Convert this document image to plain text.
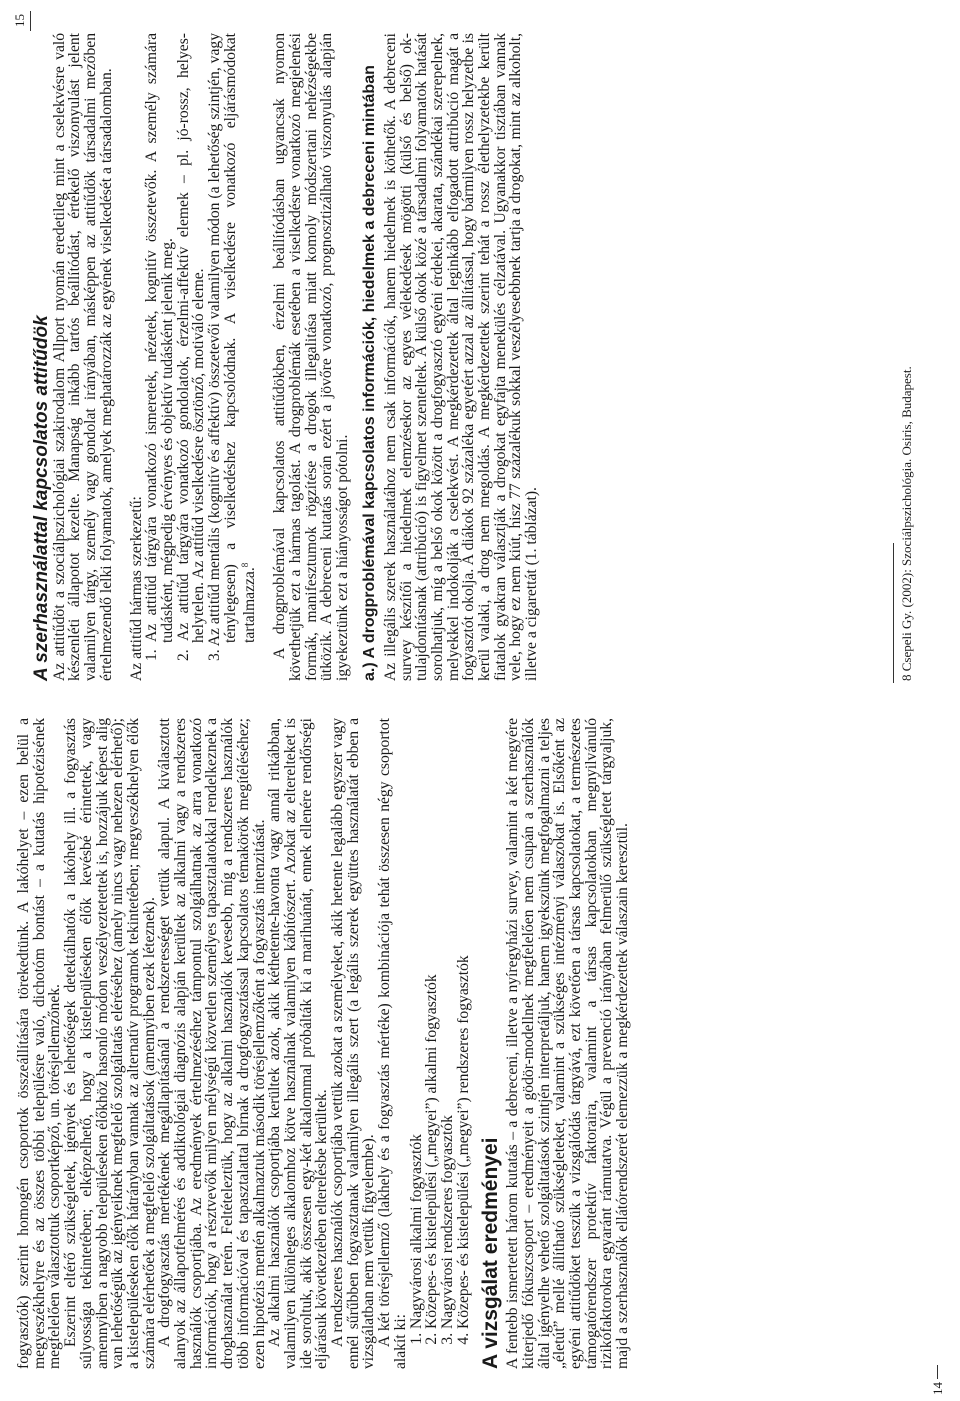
14

fogyasztók) szerint homogén csoportok összeállítására törekedtünk. A lakóhelyet – ezen belül a megyeszékhelyre és az összes többi településre való, dichotóm bontást – a kutatás hipotézisének megfelelően választottuk csoportképző, un. törésjellemzőnek.

Eszerint eltérő szükségletek, igények és lehetőségek detektálhatók a lakóhely ill. a fogyasztás súlyossága tekintetében; elképzelhető, hogy a kistelepüléseken élők kevésbé érintettek, vagy amennyiben a nagyobb településeken élőkhöz hasonló módon veszélyeztetettek is, hozzájuk képest alig van lehetőségük az igényeiknek megfelelő szolgáltatás eléréséhez (amely nincs vagy nehezen elérhető); a kistelepüléseken élők hátrányban vannak az alternatív programok tekintetében; megyeszékhelyen élők számára elérhetőek a megfelelő szolgáltatások (amennyiben ezek léteznek).

A drogfogyasztás mértékének megállapításánál a rendszerességet vettük alapul. A kiválasztott alanyok az állapotfelmérés és addiktológiai diagnózis alapján kerültek az alkalmi vagy a rendszeres használók csoportjába. Az eredmények értelmezéséhez támpontul szolgálhatnak az arra vonatkozó információk, hogy a résztvevők milyen mélységű közvetlen személyes tapasztalatokkal rendelkeznek a droghasználat terén. Feltételeztük, hogy az alkalmi használók kevesebb, míg a rendszeres használók több információval és tapasztalattal bírnak a drogfogyasztással kapcsolatos témakörök megítéléséhez; ezen hipotézis mentén alkalmaztuk második törésjellemzőként a fogyasztás intenzitását.

Az alkalmi használók csoportjába kerültek azok, akik kéthetente-havonta vagy annál ritkábban, valamilyen különleges alkalomhoz kötve használnak valamilyen kábítószert. Azokat az elterelteket is ide soroltuk, akik összesen egy-két alkalommal próbálták ki a marihuánát, ennek ellenére rendőrségi eljárásuk következtében elterelésbe kerültek.

A rendszeres használók csoportjába vettük azokat a személyeket, akik hetente legalább egyszer vagy ennél sűrűbben fogyasztanak valamilyen illegális szert (a legális szerek együttes használatát ebben a vizsgálatban nem vettük figyelembe).

A két törésjellemző (lakhely és a fogyasztás mértéke) kombinációja tehát összesen négy csoportot alakít ki:

1. Nagyvárosi alkalmi fogyasztók
2. Közepes- és kistelepülési („megyei”) alkalmi fogyasztók
3. Nagyvárosi rendszeres fogyasztók
4. Közepes- és kistelepülési („megyei”) rendszeres fogyasztók A vizsgálat eredményei A fentebb ismertetett három kutatás – a debreceni, illetve a nyíregyházi survey, valamint a két megyére kiterjedő fókuszcsoport – eredményeit a gödör-modellnek megfelelően nem csupán a szerhasználók által igényelhe vehető szolgáltatások szintjén interpretáljuk, hanem igyekszünk megfogalmazni a teljes „életút” mellé állítható szükségleteket, valamint a szükséges intézményi válaszokat is. Elsőként az egyéni attitűdöket tesszük a vizsgálódás tárgyává, ezt követően a társas kapcsolatokat, a természetes támogatórendszer protektív faktoraira, valamint a társas kapcsolatokban megnyilvánuló rizikófaktorokra egyaránt rámutatva. Végül a prevenció irányában felmerülő szükségletet tárgyaljuk, majd a szerhasználók ellátórendszerét elemezzük a megkérdezettek válaszain keresztül.

A szerhasználattal kapcsolatos attitűdök

Az attitűdöt a szociálpszichológiai szakirodalom Allport nyomán eredetileg mint a cselekvésre való készenléti állapotot kezelte. Manapság inkább tartós beállítódást, értékelő viszonyulást jelent valamilyen tárgy, személy vagy gondolat irányában, másképpen az attitűdök társadalmi mezőben értelmezendő lelki folyamatok, amelyek meghatározzák az egyének viselkedését a társadalomban. Az attitűd hármas szerkezetű:

1. Az attitűd tárgyára vonatkozó ismeretek, nézetek, kognitív összetevők. A személy számára tudásként, mégpedig érvényes és objektív tudásként jelenik meg.

2. Az attitűd tárgyára vonatkozó gondolatok, érzelmi-affektív elemek – pl. jó-rossz, helyes-helytelen. Az attitűd viselkedésre ösztönző, motiváló eleme.

3. Az attitűd mentális (kognitív és affektív) összetevői valamilyen módon (a lehetőség szintjén, vagy ténylegesen) a viselkedéshez kapcsolódnak. A viselkedésre vonatkozó eljárásmódokat tartalmazza.$^8$	A drogproblémával kapcsolatos attitűdökben, érzelmi beállítódásban ugyancsak nyomon követhetjük ezt a hármas tagolást. A drogproblémák esetében a viselkedésre vonatkozó megjelenési formák, manifesztumok rögzítése a drogok illegalitása miatt komoly módszertani nehézségekbe ütközik. A debreceni kutatás során ezért a jövőre vonatkozó, prognosztizálható viszonyulás alapján igyekeztünk ezt a hiányosságot pótolni. a.) A drogproblémával kapcsolatos információk, hiedelmek a debreceni mintában Az illegális szerek használatához nem csak információk, hanem hiedelmek is köthetők. A debreceni survey készítői a hiedelmek elemzésekor az egyes vélekedések mögötti (külső és belső) ok-tulajdonításnak (attribúció) is figyelmet szenteltek. A külső okok közé a társadalmi folyamatok hatását sorolhatjuk, míg a belső okok között a drogfogyasztó egyéni érdekei, akarata, szándékai szerepelnek, melyekkel indokolják a cselekvést. A megkérdezettek által leginkább elfogadott attribúció magát a fogyasztót okolja. A diákok 92 százaléka egyetért azzal az állítással, hogy bármilyen rossz helyzetbe is kerül valaki, a drog nem megoldás. A megkérdezettek szerint tehát a rossz élethelyzetekbe került fiatalok gyakran választják a drogokat egyfajta menekülés célzatával. Ugyanakkor tisztában vannak vele, hogy ez nem kiút, hisz 77 százalékuk sokkal veszélyesebbnek tartja a drogokat, mint az alkoholt, illetve a cigarettát (1. táblázat).	8 Csepeli Gy. (2002): Szociálpszichológia. Osiris, Budapest.
15
